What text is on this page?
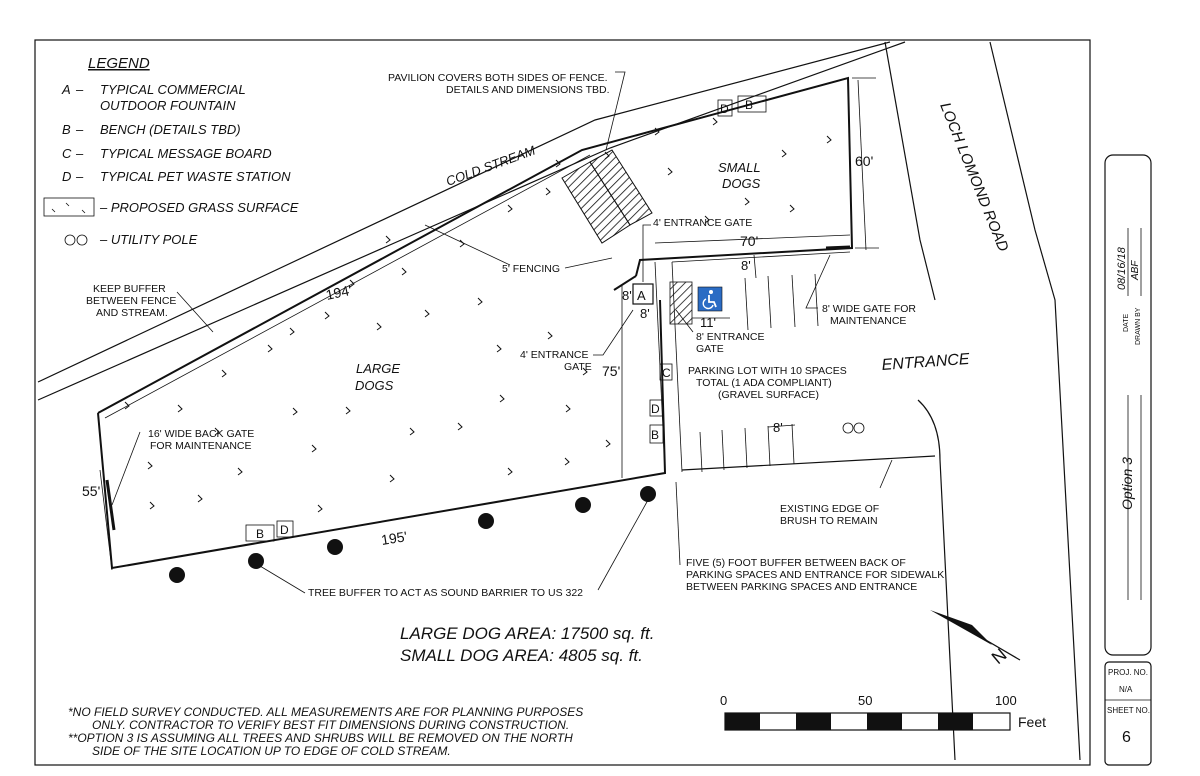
LEGEND
A – TYPICAL COMMERCIAL
OUTDOOR FOUNTAIN
B – BENCH (DETAILS TBD)
C – TYPICAL MESSAGE BOARD
D – TYPICAL PET WASTE STATION
– PROPOSED GRASS SURFACE
– UTILITY POLE
COLD STREAM	LOCH LOMOND ROAD
ENTRANCE
A
C
D
B
D B
B D
SMALL
DOGS
LARGE
DOGS
60'
70'
8'
8'
8'
11'
75'
8'
194'
195'
55'
PAVILION COVERS BOTH SIDES OF FENCE.
DETAILS AND DIMENSIONS TBD.
4' ENTRANCE GATE
5' FENCING
KEEP BUFFER
BETWEEN FENCE
AND STREAM.
4' ENTRANCE
GATE
8' ENTRANCE
GATE
8' WIDE GATE FOR
MAINTENANCE
PARKING LOT WITH 10 SPACES
TOTAL (1 ADA COMPLIANT)
(GRAVEL SURFACE)
16' WIDE BACK GATE
FOR MAINTENANCE
EXISTING EDGE OF
BRUSH TO REMAIN
FIVE (5) FOOT BUFFER BETWEEN BACK OF
PARKING SPACES AND ENTRANCE FOR SIDEWALK
BETWEEN PARKING SPACES AND ENTRANCE
TREE BUFFER TO ACT AS SOUND BARRIER TO US 322
LARGE DOG AREA: 17500 sq. ft.
SMALL DOG AREA: 4805 sq. ft.
*NO FIELD SURVEY CONDUCTED. ALL MEASUREMENTS ARE FOR PLANNING PURPOSES
ONLY. CONTRACTOR TO VERIFY BEST FIT DIMENSIONS DURING CONSTRUCTION.
**OPTION 3 IS ASSUMING ALL TREES AND SHRUBS WILL BE REMOVED ON THE NORTH
SIDE OF THE SITE LOCATION UP TO EDGE OF COLD STREAM.
0	50	100
Feet
N
08/16/18 ABF
DATE DRAWN BY
Option 3
PROJ. NO.
N/A
SHEET NO.
6
